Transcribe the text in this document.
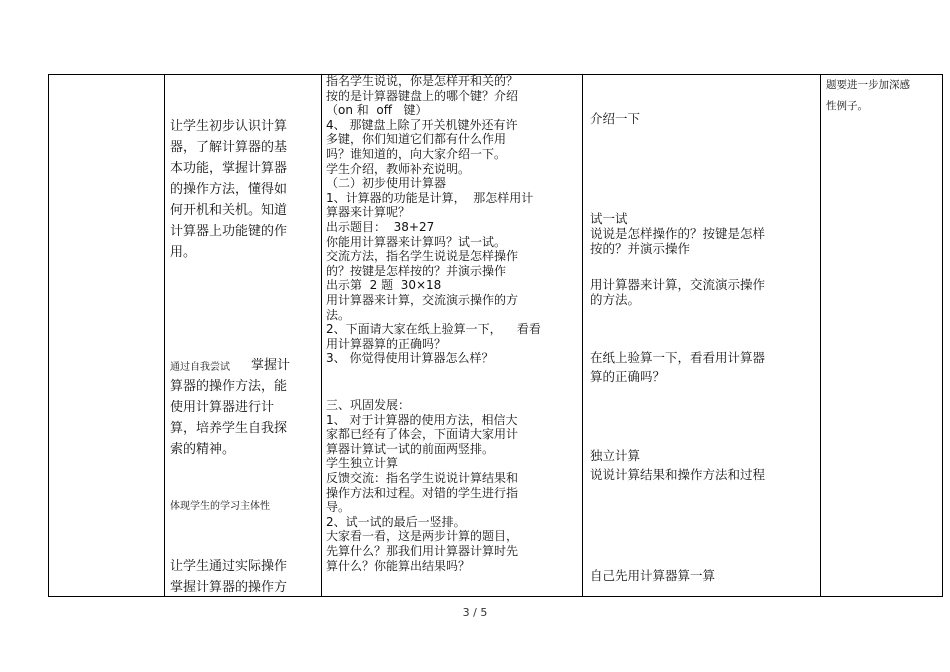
让学生初步认识计算

器，了解计算器的基

本功能，掌握计算器

的操作方法，懂得如

何开机和关机。知道

计算器上功能键的作

用。

通过自我尝试 掌握计

算器的操作方法，能

使用计算器进行计

算，培养学生自我探

索的精神。

体现学生的学习主体性

让学生通过实际操作

掌握计算器的操作方

指名学生说说，你是怎样开和关的？

按的是计算器键盘上的哪个键？介绍

（on 和  off   键）

4、 那键盘上除了开关机键外还有许

多键，你们知道它们都有什么作用

吗？谁知道的，向大家介绍一下。

学生介绍，教师补充说明。

（二）初步使用计算器

1、计算器的功能是计算，  那怎样用计

算器来计算呢？

出示题目：  38+27

你能用计算器来计算吗？试一试。

交流方法，指名学生说说是怎样操作

的？按键是怎样按的？并演示操作

出示第  2 题  30×18

用计算器来计算，交流演示操作的方

法。

2、下面请大家在纸上验算一下，    看看

用计算器算的正确吗？

3、 你觉得使用计算器怎么样？

三、巩固发展：

1、 对于计算器的使用方法，相信大

家都已经有了体会，下面请大家用计

算器计算试一试的前面两竖排。

学生独立计算

反馈交流：指名学生说说计算结果和

操作方法和过程。对错的学生进行指

导。

2、试一试的最后一竖排。

大家看一看，这是两步计算的题目，

先算什么？那我们用计算器计算时先

算什么？你能算出结果吗？

介绍一下

试一试

说说是怎样操作的？按键是怎样

按的？并演示操作

用计算器来计算，交流演示操作

的方法。

在纸上验算一下，看看用计算器

算的正确吗？

独立计算

说说计算结果和操作方法和过程

自己先用计算器算一算

题要进一步加深感

性例子。

3 / 5
